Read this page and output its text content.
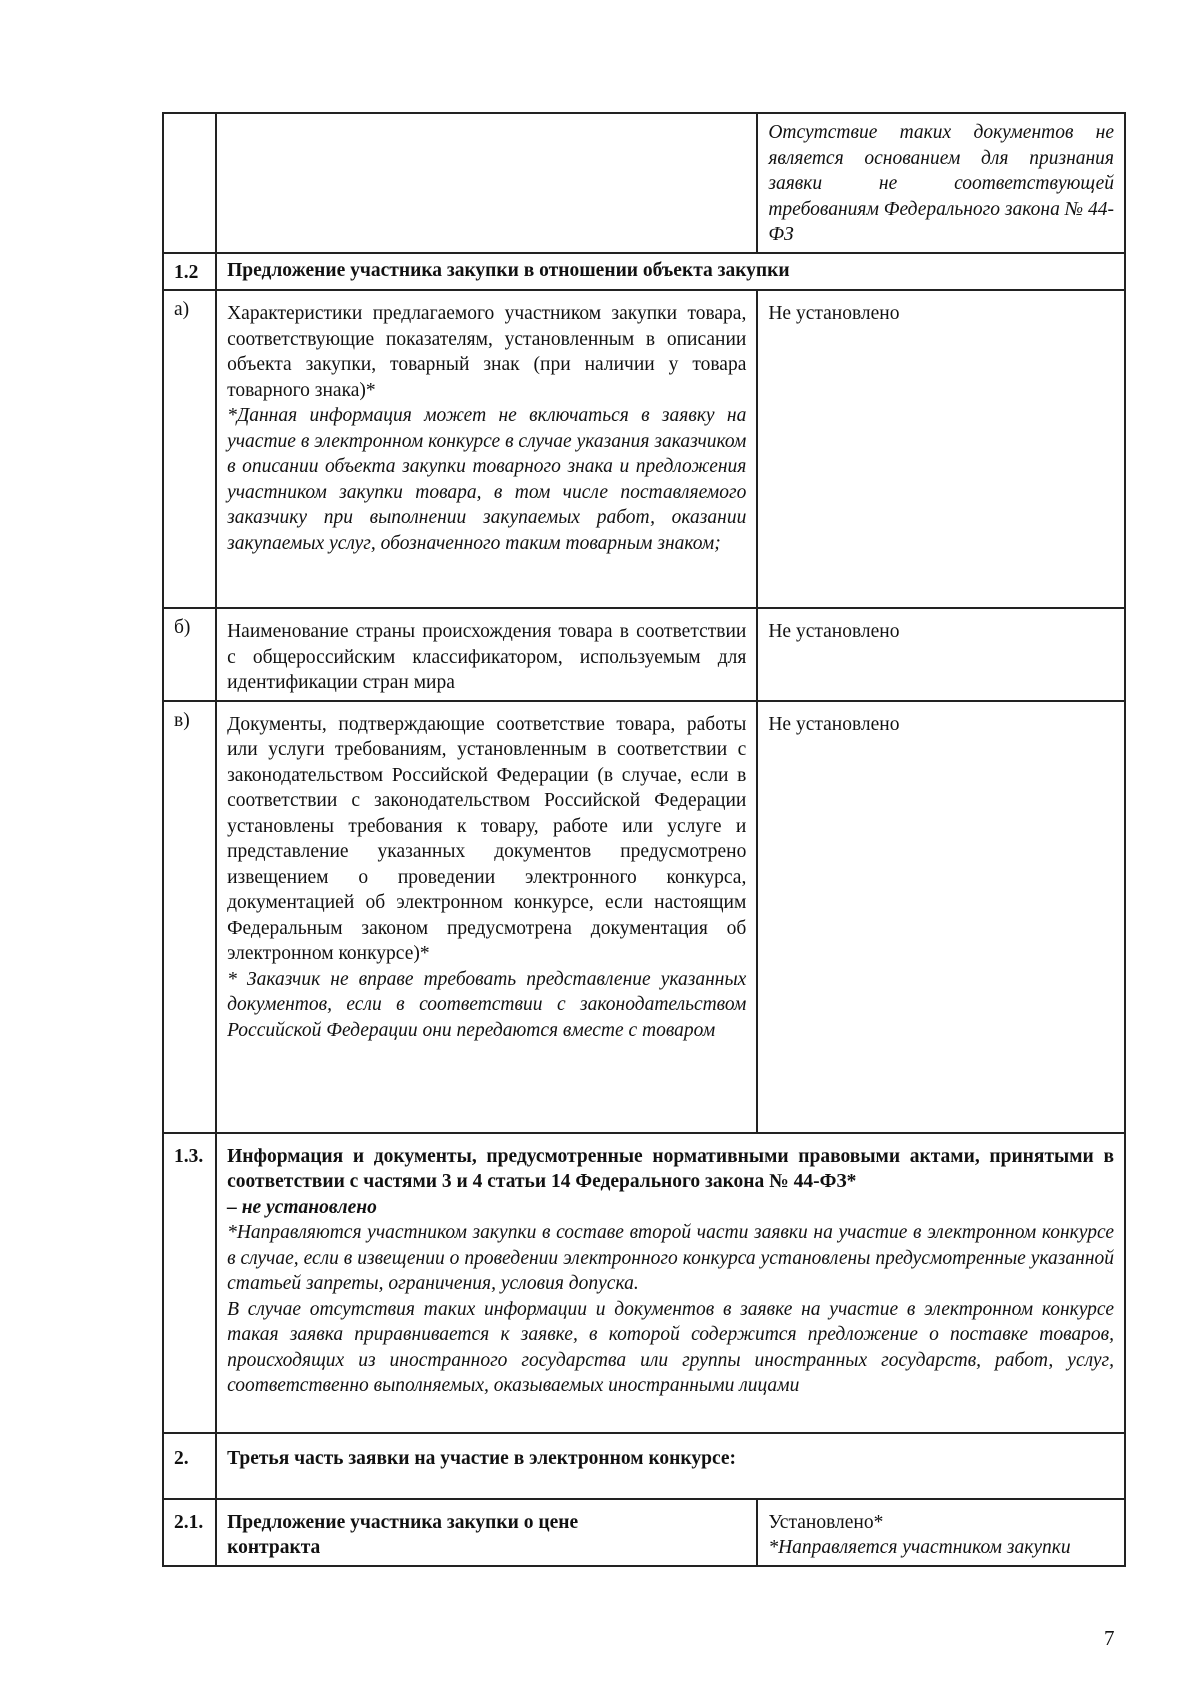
		Отсутствие таких документов не является основанием для признания заявки не соответствующей требованиям Федерального закона № 44-ФЗ

1.2	Предложение участника закупки в отношении объекта закупки	

а)	Характеристики предлагаемого участником закупки товара, соответствующие показателям, установленным в описании объекта закупки, товарный знак (при наличии у товара товарного знака)*
*Данная информация может не включаться в заявку на участие в электронном конкурсе в случае указания заказчиком в описании объекта закупки товарного знака и предложения участником закупки товара, в том числе поставляемого заказчику при выполнении закупаемых работ, оказании закупаемых услуг, обозначенного таким товарным знаком;	Не установлено

б)	Наименование страны происхождения товара в соответствии с общероссийским классификатором, используемым для идентификации стран мира	Не установлено

в)	Документы, подтверждающие соответствие товара, работы или услуги требованиям, установленным в соответствии с законодательством Российской Федерации (в случае, если в соответствии с законодательством Российской Федерации установлены требования к товару, работе или услуге и представление указанных документов предусмотрено извещением о проведении электронного конкурса, документацией об электронном конкурсе, если настоящим Федеральным законом предусмотрена документация об электронном конкурсе)*
* Заказчик не вправе требовать представление указанных документов, если в соответствии с законодательством Российской Федерации они передаются вместе с товаром	Не установлено

1.3.	Информация и документы, предусмотренные нормативными правовыми актами, принятыми в соответствии с частями 3 и 4 статьи 14 Федерального закона № 44-ФЗ*
– не установлено
*Направляются участником закупки в составе второй части заявки на участие в электронном конкурсе в случае, если в извещении о проведении электронного конкурса установлены предусмотренные указанной статьей запреты, ограничения, условия допуска.
В случае отсутствия таких информации и документов в заявке на участие в электронном конкурсе такая заявка приравнивается к заявке, в которой содержится предложение о поставке товаров, происходящих из иностранного государства или группы иностранных государств, работ, услуг, соответственно выполняемых, оказываемых иностранными лицами	

2.	Третья часть заявки на участие в электронном конкурсе:	

2.1.	Предложение участника закупки о цене контракта	Установлено*
*Направляется участником закупки
7
